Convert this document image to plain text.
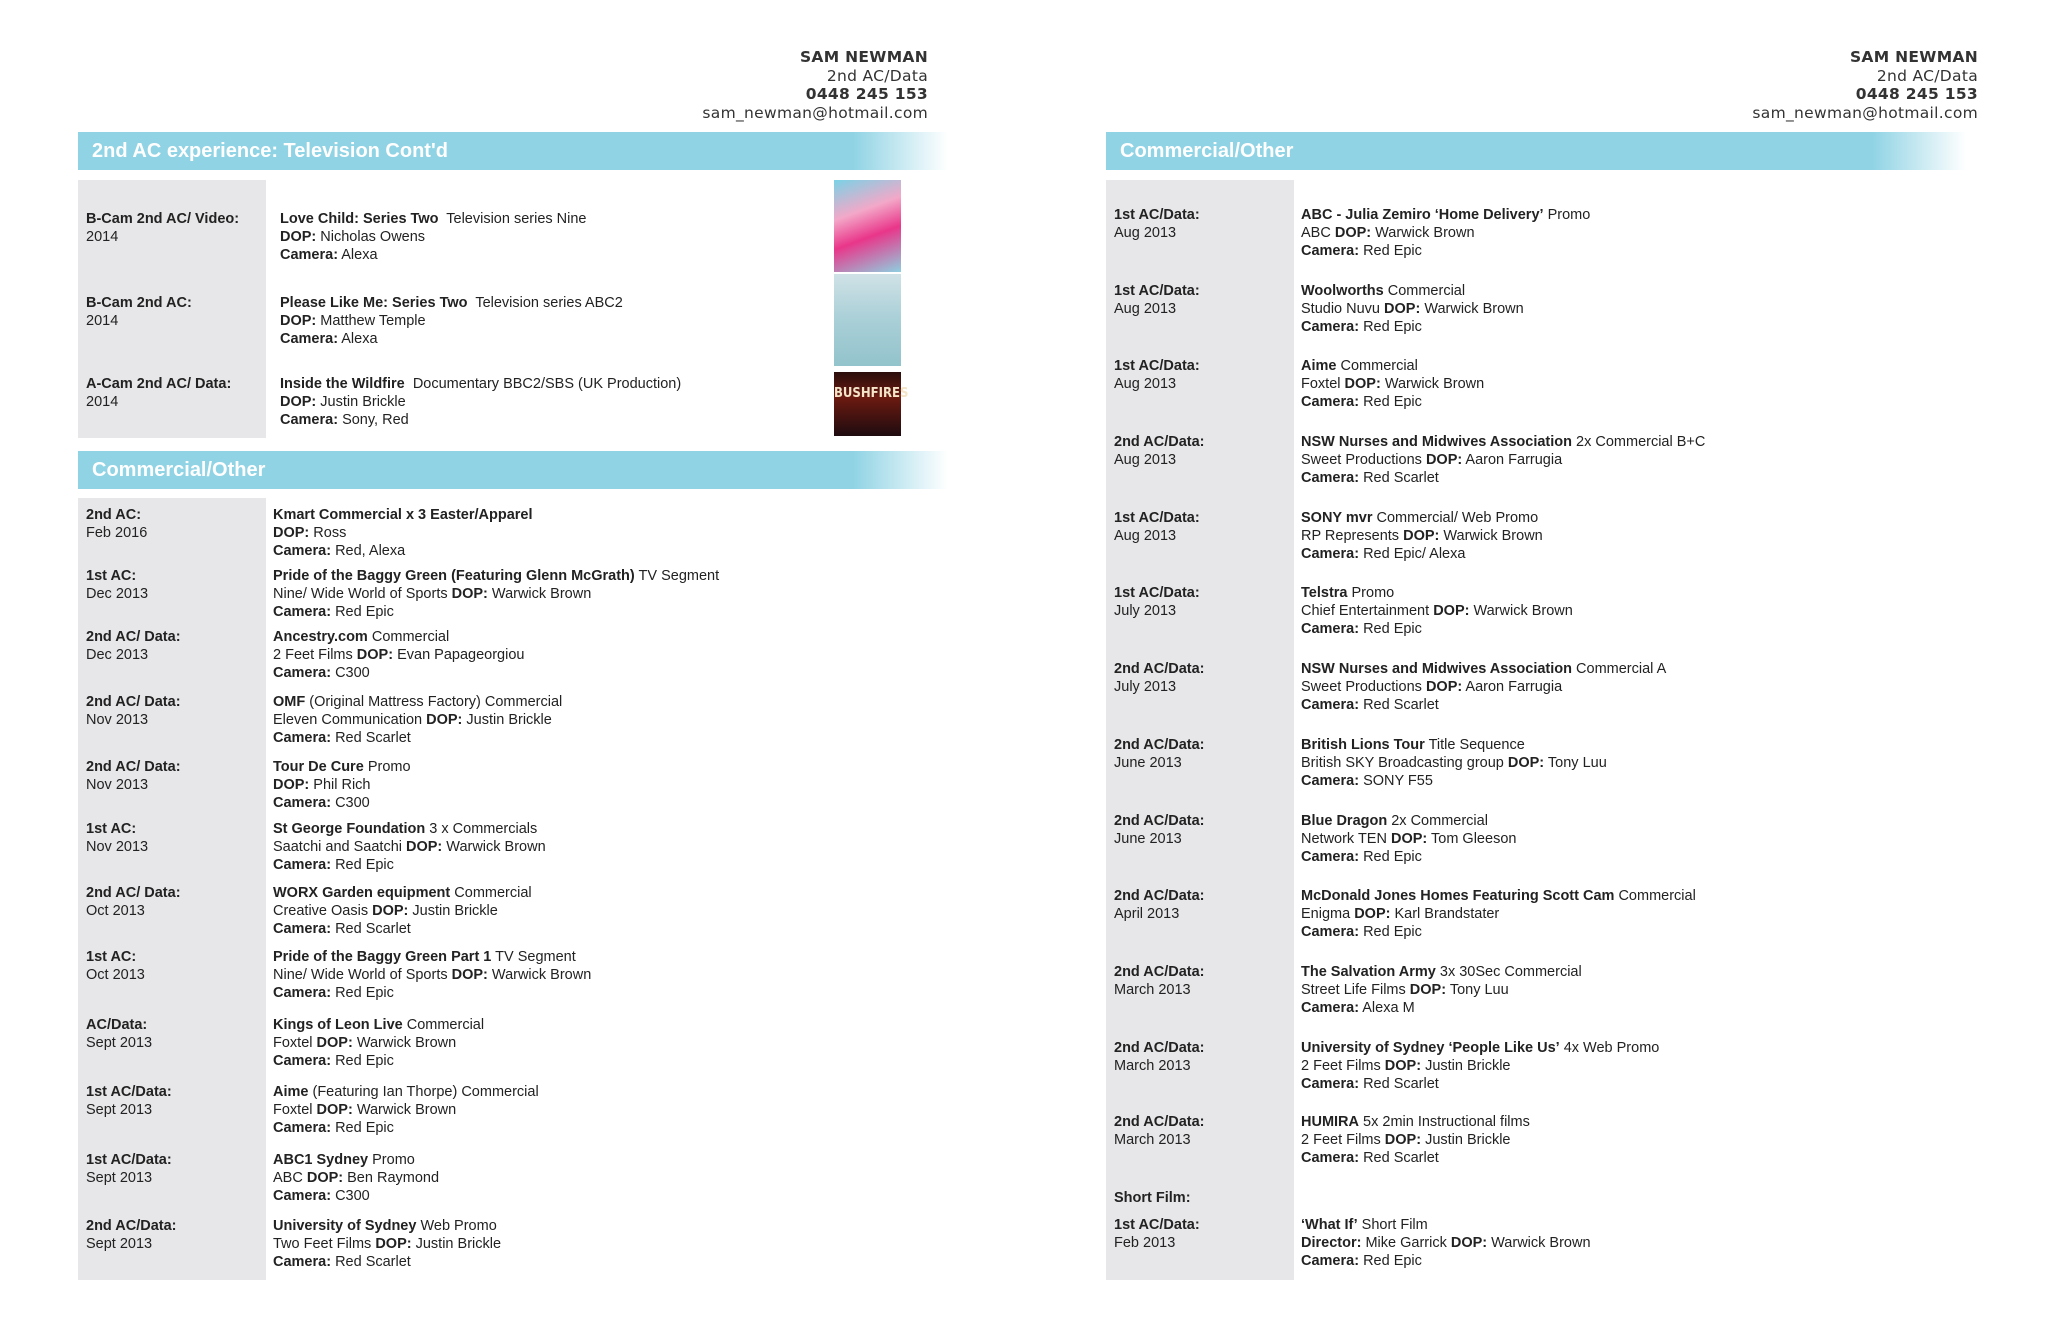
SAM NEWMAN
2nd AC/Data
0448 245 153
sam_newman@hotmail.com
2nd AC experience: Television Cont'd
BUSHFIRES
B-Cam 2nd AC/ Video:
2014
Love Child: Series Two Television series Nine
DOP: Nicholas Owens
Camera: Alexa
B-Cam 2nd AC:
2014
Please Like Me: Series Two Television series ABC2
DOP: Matthew Temple
Camera: Alexa
A-Cam 2nd AC/ Data:
2014
Inside the Wildfire Documentary BBC2/SBS (UK Production)
DOP: Justin Brickle
Camera: Sony, Red
Commercial/Other
2nd AC:
Feb 2016
Kmart Commercial x 3 Easter/Apparel
DOP: Ross
Camera: Red, Alexa
1st AC:
Dec 2013
Pride of the Baggy Green (Featuring Glenn McGrath) TV Segment
Nine/ Wide World of Sports DOP: Warwick Brown
Camera: Red Epic
2nd AC/ Data:
Dec 2013
Ancestry.com Commercial
2 Feet Films DOP: Evan Papageorgiou
Camera: C300
2nd AC/ Data:
Nov 2013
OMF (Original Mattress Factory) Commercial
Eleven Communication DOP: Justin Brickle
Camera: Red Scarlet
2nd AC/ Data:
Nov 2013
Tour De Cure Promo
DOP: Phil Rich
Camera: C300
1st AC:
Nov 2013
St George Foundation 3 x Commercials
Saatchi and Saatchi DOP: Warwick Brown
Camera: Red Epic
2nd AC/ Data:
Oct 2013
WORX Garden equipment Commercial
Creative Oasis DOP: Justin Brickle
Camera: Red Scarlet
1st AC:
Oct 2013
Pride of the Baggy Green Part 1 TV Segment
Nine/ Wide World of Sports DOP: Warwick Brown
Camera: Red Epic
AC/Data:
Sept 2013
Kings of Leon Live Commercial
Foxtel DOP: Warwick Brown
Camera: Red Epic
1st AC/Data:
Sept 2013
Aime (Featuring Ian Thorpe) Commercial
Foxtel DOP: Warwick Brown
Camera: Red Epic
1st AC/Data:
Sept 2013
ABC1 Sydney Promo
ABC DOP: Ben Raymond
Camera: C300
2nd AC/Data:
Sept 2013
University of Sydney Web Promo
Two Feet Films DOP: Justin Brickle
Camera: Red Scarlet
SAM NEWMAN
2nd AC/Data
0448 245 153
sam_newman@hotmail.com
Commercial/Other
Short Film:
1st AC/Data:
Feb 2013
‘What If’ Short Film
Director: Mike Garrick DOP: Warwick Brown
Camera: Red Epic
1st AC/Data:
Aug 2013
ABC - Julia Zemiro ‘Home Delivery’ Promo
ABC DOP: Warwick Brown
Camera: Red Epic
1st AC/Data:
Aug 2013
Woolworths Commercial
Studio Nuvu DOP: Warwick Brown
Camera: Red Epic
1st AC/Data:
Aug 2013
Aime Commercial
Foxtel DOP: Warwick Brown
Camera: Red Epic
2nd AC/Data:
Aug 2013
NSW Nurses and Midwives Association 2x Commercial B+C
Sweet Productions DOP: Aaron Farrugia
Camera: Red Scarlet
1st AC/Data:
Aug 2013
SONY mvr Commercial/ Web Promo
RP Represents DOP: Warwick Brown
Camera: Red Epic/ Alexa
1st AC/Data:
July 2013
Telstra Promo
Chief Entertainment DOP: Warwick Brown
Camera: Red Epic
2nd AC/Data:
July 2013
NSW Nurses and Midwives Association Commercial A
Sweet Productions DOP: Aaron Farrugia
Camera: Red Scarlet
2nd AC/Data:
June 2013
British Lions Tour Title Sequence
British SKY Broadcasting group DOP: Tony Luu
Camera: SONY F55
2nd AC/Data:
June 2013
Blue Dragon 2x Commercial
Network TEN DOP: Tom Gleeson
Camera: Red Epic
2nd AC/Data:
April 2013
McDonald Jones Homes Featuring Scott Cam Commercial
Enigma DOP: Karl Brandstater
Camera: Red Epic
2nd AC/Data:
March 2013
The Salvation Army 3x 30Sec Commercial
Street Life Films DOP: Tony Luu
Camera: Alexa M
2nd AC/Data:
March 2013
University of Sydney ‘People Like Us’ 4x Web Promo
2 Feet Films DOP: Justin Brickle
Camera: Red Scarlet
2nd AC/Data:
March 2013
HUMIRA 5x 2min Instructional films
2 Feet Films DOP: Justin Brickle
Camera: Red Scarlet
